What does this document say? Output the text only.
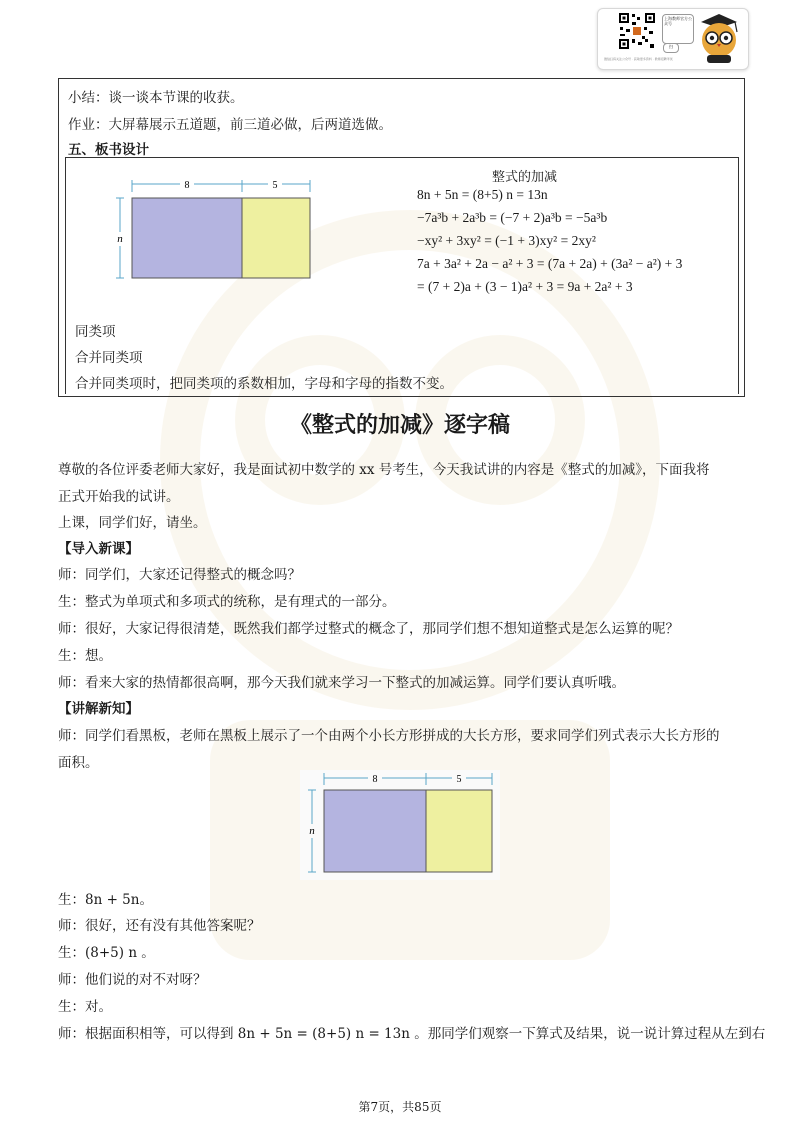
微信扫码关注公众号 · 获取更多资料 · 教师招聘考试
上海教师官方公众号
扫
小结：谈一谈本节课的收获。
作业：大屏幕展示五道题，前三道必做，后两道选做。
五、板书设计
8	5
n
整式的加减
8n + 5n = (8+5) n = 13n
−7a³b + 2a³b = (−7 + 2)a³b = −5a³b
−xy² + 3xy² = (−1 + 3)xy² = 2xy²
7a + 3a² + 2a − a² + 3 = (7a + 2a) + (3a² − a²) + 3
= (7 + 2)a + (3 − 1)a² + 3 = 9a + 2a² + 3
同类项
合并同类项
合并同类项时，把同类项的系数相加，字母和字母的指数不变。
《整式的加减》逐字稿
尊敬的各位评委老师大家好，我是面试初中数学的 xx 号考生，今天我试讲的内容是《整式的加减》，下面我将
正式开始我的试讲。
上课，同学们好，请坐。
【导入新课】
师：同学们，大家还记得整式的概念吗？
生：整式为单项式和多项式的统称，是有理式的一部分。
师：很好，大家记得很清楚，既然我们都学过整式的概念了，那同学们想不想知道整式是怎么运算的呢？
生：想。
师：看来大家的热情都很高啊，那今天我们就来学习一下整式的加减运算。同学们要认真听哦。
【讲解新知】
师：同学们看黑板，老师在黑板上展示了一个由两个小长方形拼成的大长方形，要求同学们列式表示大长方形的
面积。
8	5
n
生：8n + 5n。
师：很好，还有没有其他答案呢？
生：(8+5) n 。
师：他们说的对不对呀？
生：对。
师：根据面积相等，可以得到 8n + 5n = (8+5) n = 13n 。那同学们观察一下算式及结果，说一说计算过程从左到右
第7页，共85页
